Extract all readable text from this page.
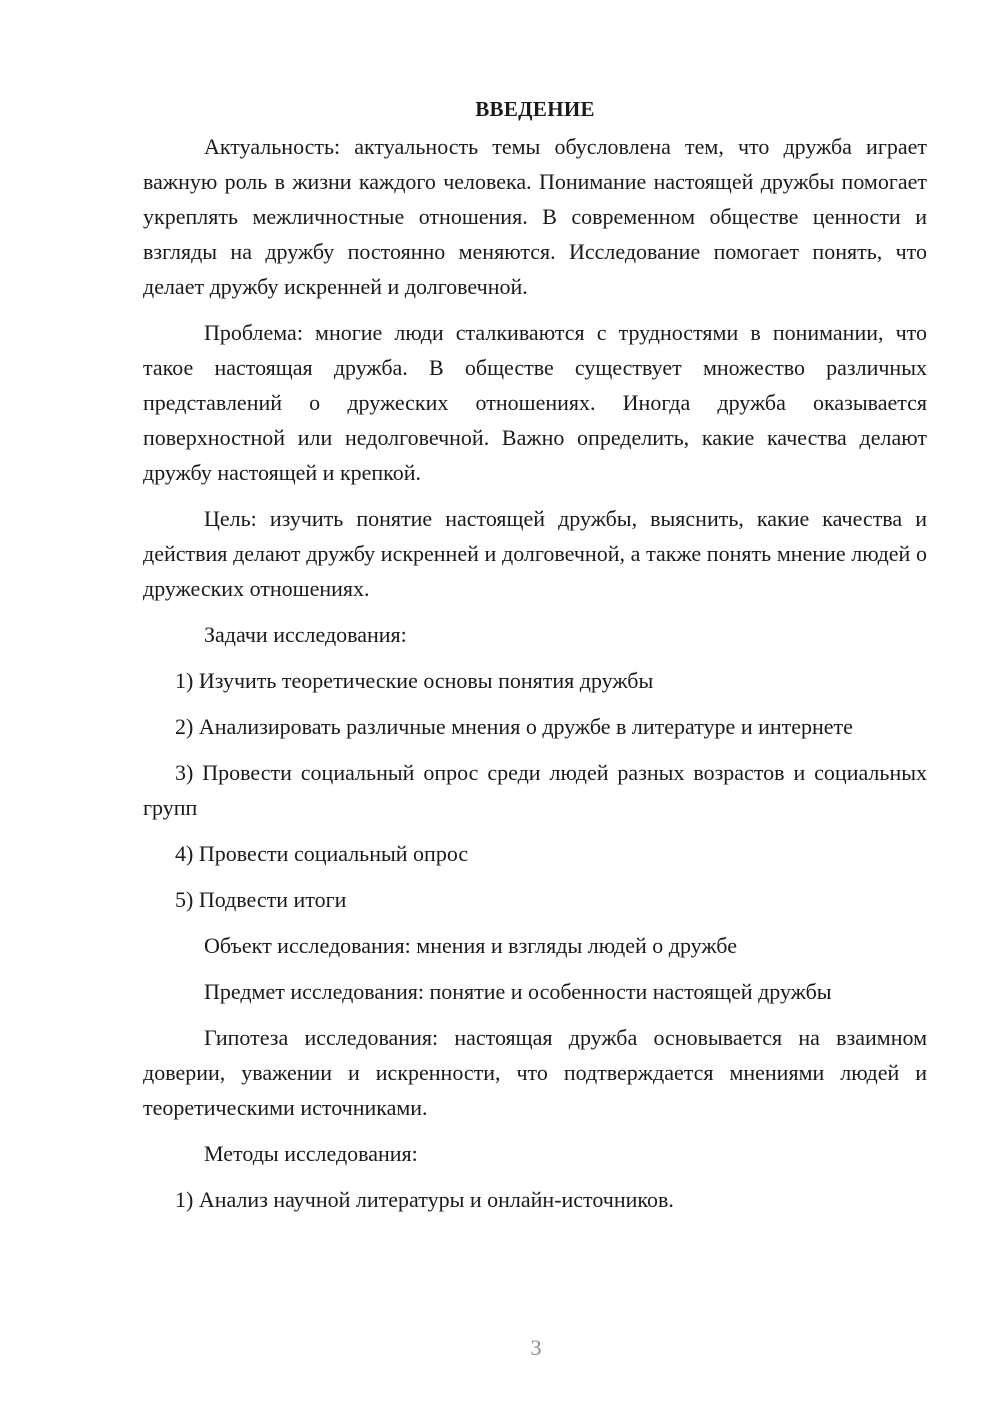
ВВЕДЕНИЕ

Актуальность: актуальность темы обусловлена тем, что дружба играет важную роль в жизни каждого человека. Понимание настоящей дружбы помогает укреплять межличностные отношения. В современном обществе ценности и взгляды на дружбу постоянно меняются. Исследование помогает понять, что делает дружбу искренней и долговечной.

Проблема: многие люди сталкиваются с трудностями в понимании, что такое настоящая дружба. В обществе существует множество различных представлений о дружеских отношениях. Иногда дружба оказывается поверхностной или недолговечной. Важно определить, какие качества делают дружбу настоящей и крепкой.

Цель: изучить понятие настоящей дружбы, выяснить, какие качества и действия делают дружбу искренней и долговечной, а также понять мнение людей о дружеских отношениях.

Задачи исследования:

1) Изучить теоретические основы понятия дружбы

2) Анализировать различные мнения о дружбе в литературе и интернете

3) Провести социальный опрос среди людей разных возрастов и социальных групп

4) Провести социальный опрос

5) Подвести итоги

Объект исследования: мнения и взгляды людей о дружбе

Предмет исследования: понятие и особенности настоящей дружбы

Гипотеза исследования: настоящая дружба основывается на взаимном доверии, уважении и искренности, что подтверждается мнениями людей и теоретическими источниками.

Методы исследования:

1) Анализ научной литературы и онлайн-источников.

3
